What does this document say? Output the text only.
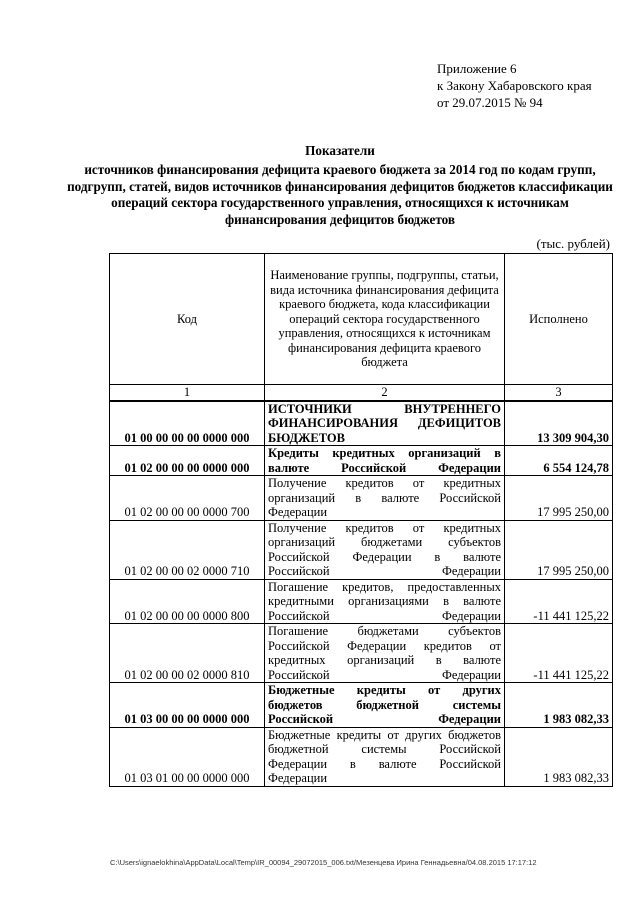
Приложение 6
к Закону Хабаровского края
от 29.07.2015 № 94
Показатели
источников финансирования дефицита краевого бюджета за 2014 год по кодам групп, подгрупп, статей, видов источников финансирования дефицитов бюджетов классификации операций сектора государственного управления, относящихся к источникам финансирования дефицитов бюджетов
(тыс. рублей)
Код	Наименование группы, подгруппы, статьи, вида источника финансирования дефицита краевого бюджета, кода классификации операций сектора государственного управления, относящихся к источникам финансирования дефицита краевого бюджета	Исполнено
1	2	3
01 00 00 00 00 0000 000	ИСТОЧНИКИ ВНУТРЕННЕГО ФИНАНСИРОВАНИЯ ДЕФИЦИТОВ БЮДЖЕТОВ	13 309 904,30
01 02 00 00 00 0000 000	Кредиты кредитных организаций в валюте Российской Федерации	6 554 124,78
01 02 00 00 00 0000 700	Получение кредитов от кредитных организаций в валюте Российской Федерации	17 995 250,00
01 02 00 00 02 0000 710	Получение кредитов от кредитных организаций бюджетами субъектов Российской Федерации в валюте Российской Федерации	17 995 250,00
01 02 00 00 00 0000 800	Погашение кредитов, предоставленных кредитными организациями в валюте Российской Федерации	-11 441 125,22
01 02 00 00 02 0000 810	Погашение бюджетами субъектов Российской Федерации кредитов от кредитных организаций в валюте Российской Федерации	-11 441 125,22
01 03 00 00 00 0000 000	Бюджетные кредиты от других бюджетов бюджетной системы Российской Федерации	1 983 082,33
01 03 01 00 00 0000 000	Бюджетные кредиты от других бюджетов бюджетной системы Российской Федерации в валюте Российской Федерации	1 983 082,33
C:\Users\ignaelokhina\AppData\Local\Temp\IR_00094_29072015_006.txt/Мезенцева Ирина Геннадьевна/04.08.2015 17:17:12
